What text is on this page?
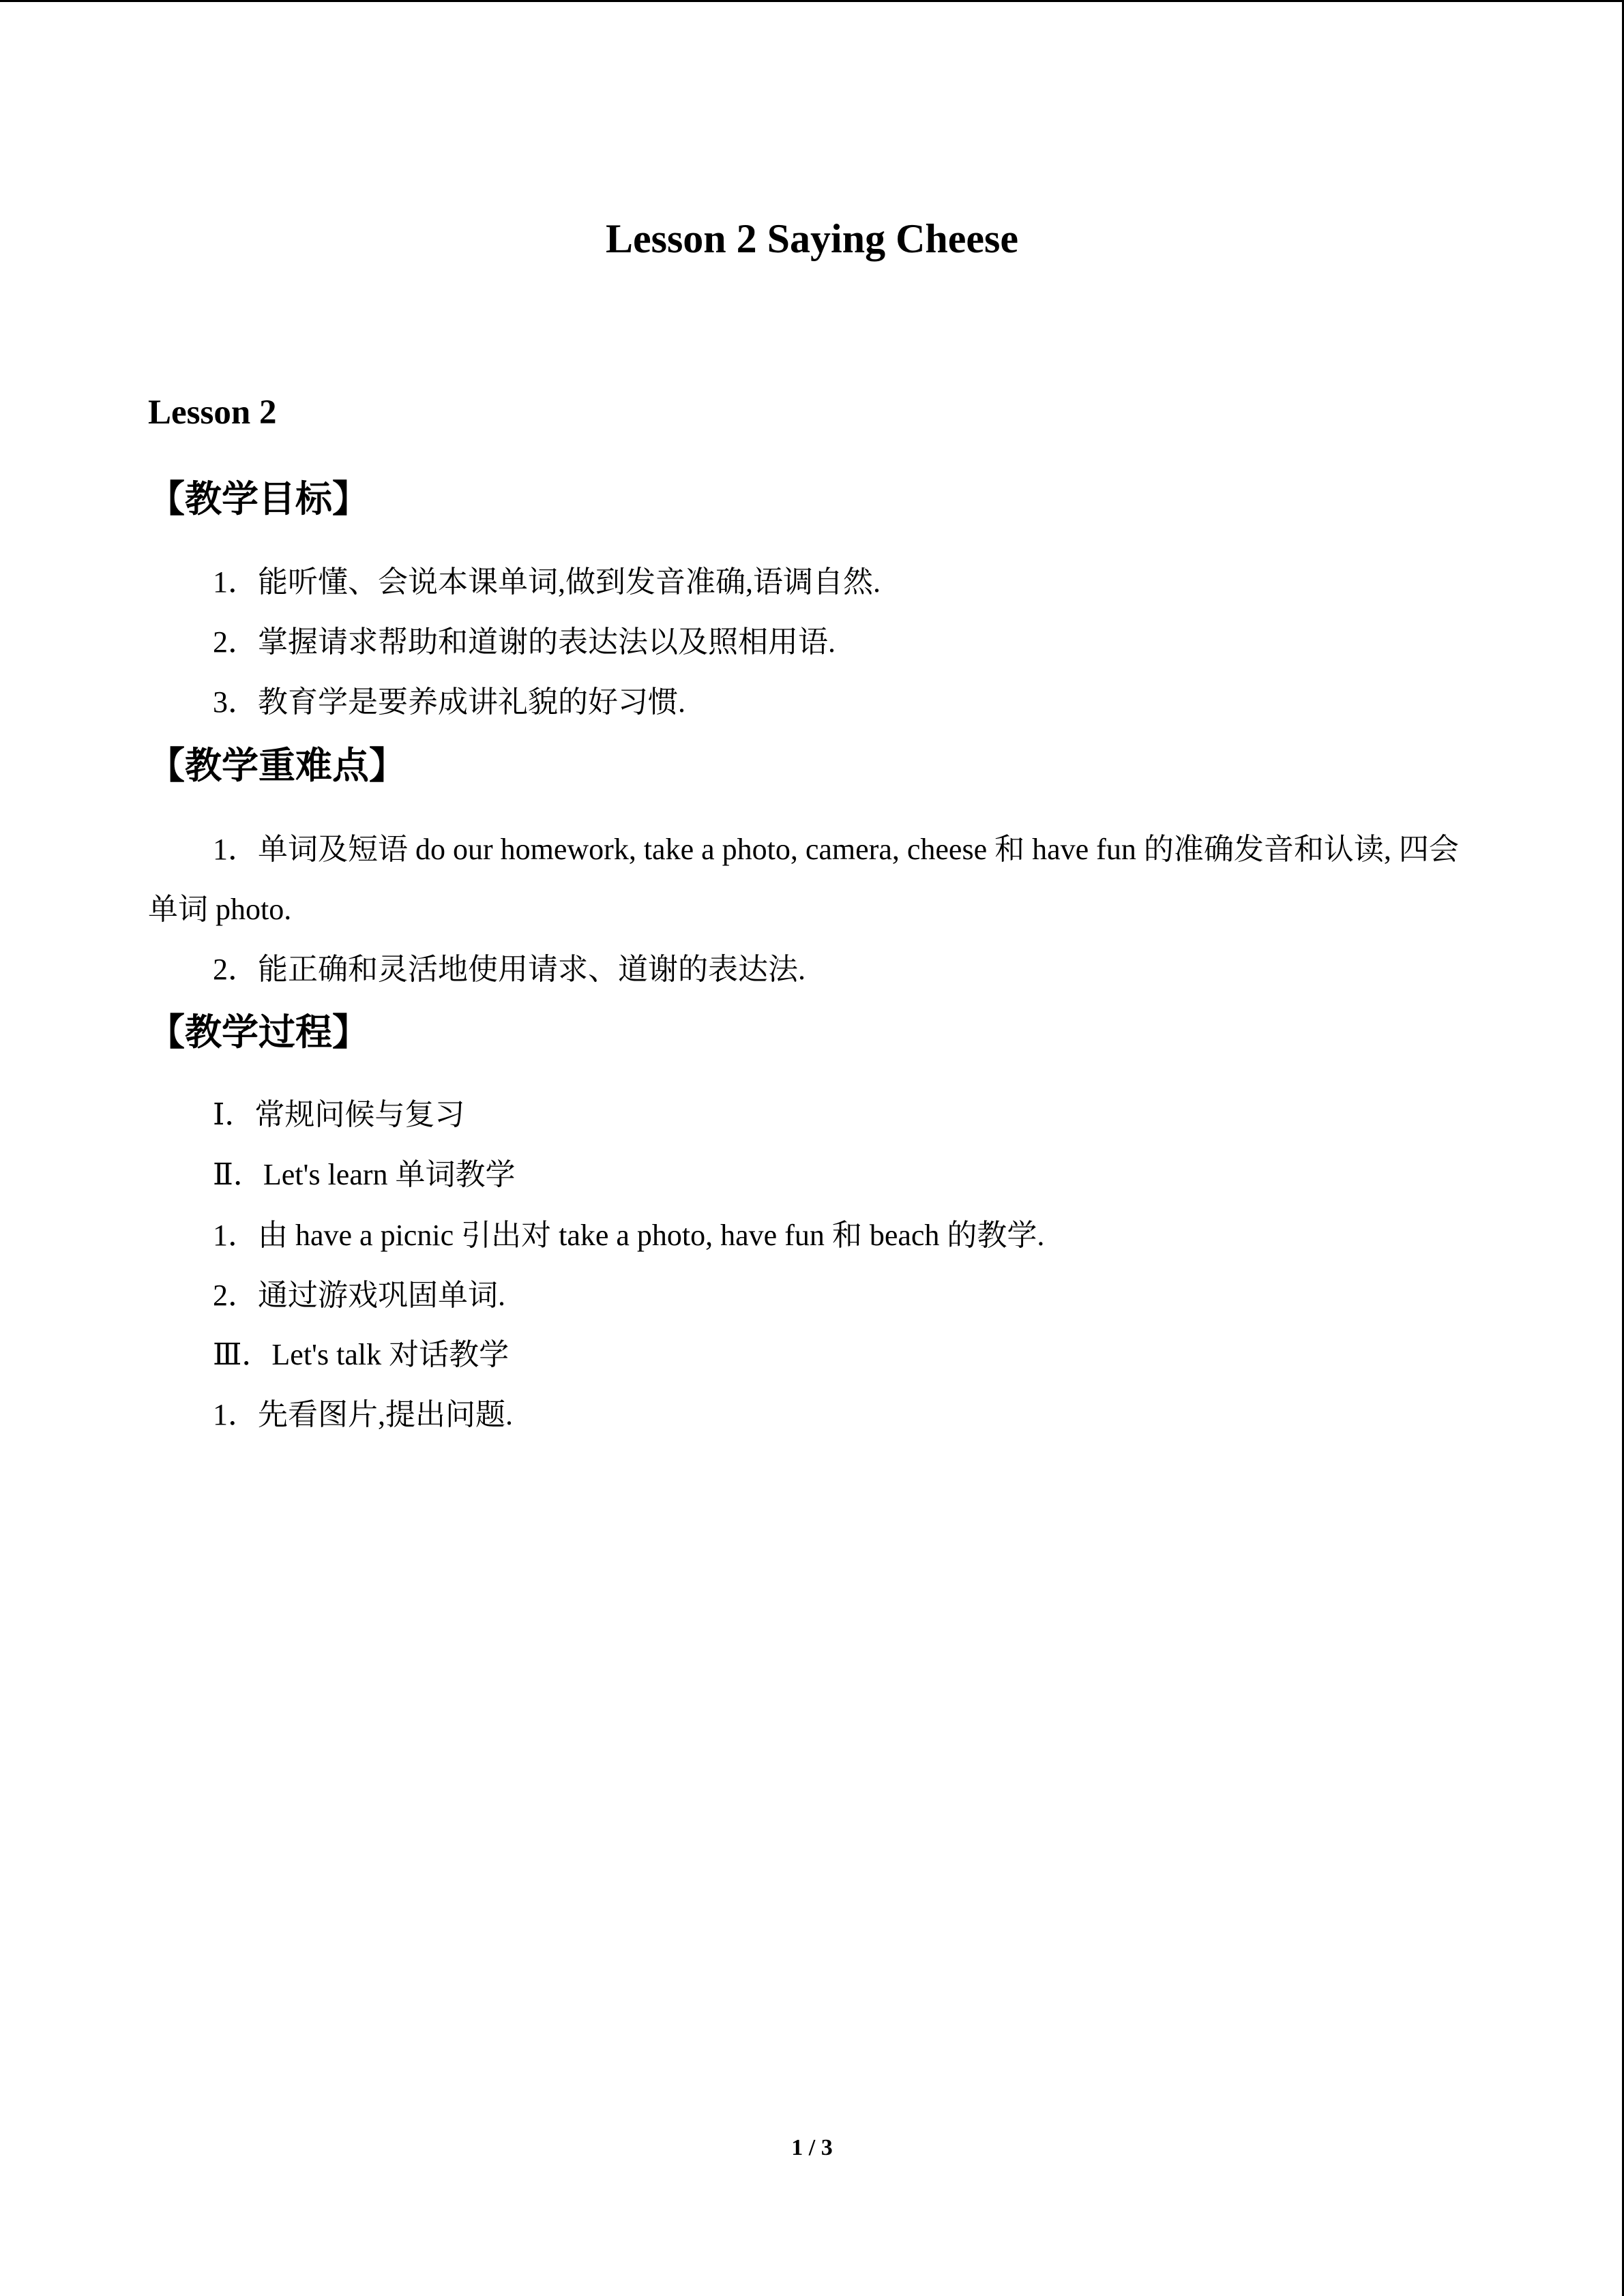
Lesson 2 Saying Cheese
Lesson 2
【教学目标】
1．能听懂、会说本课单词,做到发音准确,语调自然.
2．掌握请求帮助和道谢的表达法以及照相用语.
3．教育学是要养成讲礼貌的好习惯.
【教学重难点】
1．单词及短语 do our homework, take a photo, camera, cheese 和 have fun 的准确发音和认读, 四会单词 photo.
2．能正确和灵活地使用请求、道谢的表达法.
【教学过程】
Ⅰ．常规问候与复习
Ⅱ．Let's learn 单词教学
1．由 have a picnic 引出对 take a photo, have fun 和 beach 的教学.
2．通过游戏巩固单词.
Ⅲ．Let's talk 对话教学
1．先看图片,提出问题.
1 / 3
